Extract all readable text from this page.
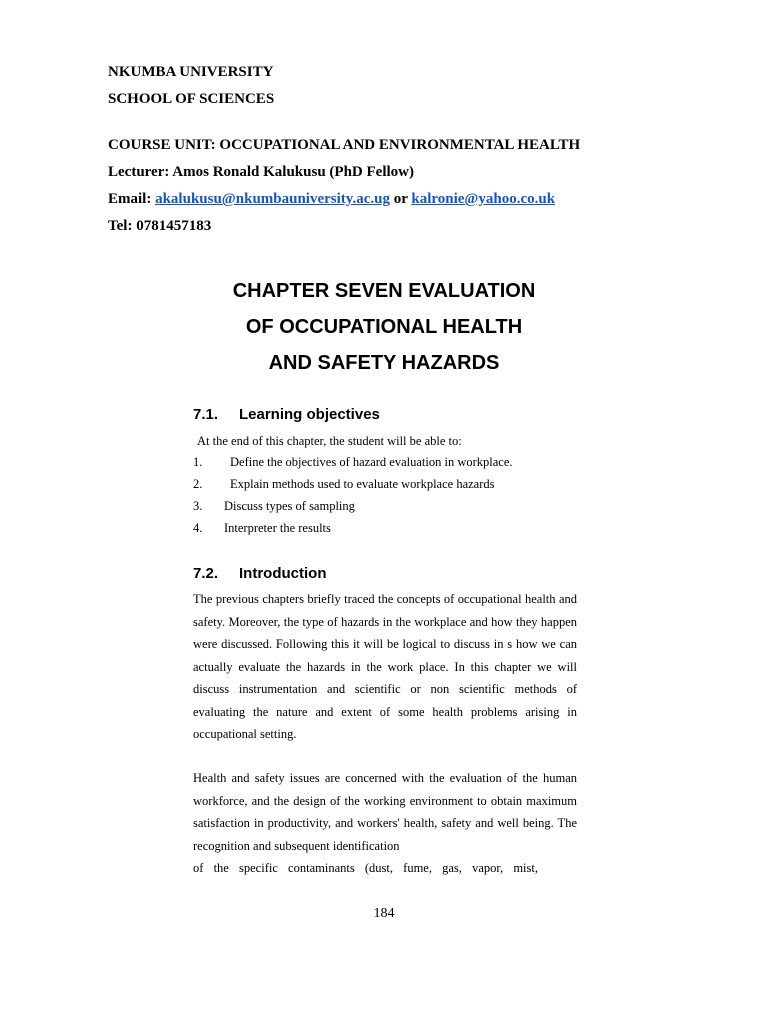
NKUMBA UNIVERSITY
SCHOOL OF SCIENCES
COURSE UNIT: OCCUPATIONAL AND ENVIRONMENTAL HEALTH
Lecturer: Amos Ronald Kalukusu (PhD Fellow)
Email: akalukusu@nkumbauniversity.ac.ug or kalronie@yahoo.co.uk
Tel: 0781457183
CHAPTER SEVEN EVALUATION
OF OCCUPATIONAL HEALTH
AND SAFETY HAZARDS
7.1. Learning objectives
At the end of this chapter, the student will be able to:
1. Define the objectives of hazard evaluation in workplace.
2. Explain methods used to evaluate workplace hazards
3. Discuss types of sampling
4. Interpreter the results
7.2. Introduction

The previous chapters briefly traced the concepts of occupational health and safety. Moreover, the type of hazards in the workplace and how they happen were discussed. Following this it will be logical to discuss in s how we can actually evaluate the hazards in the work place. In this chapter we will discuss instrumentation and scientific or non scientific methods of evaluating the nature and extent of some health problems arising in occupational setting.

Health and safety issues are concerned with the evaluation of the human workforce, and the design of the working environment to obtain maximum satisfaction in productivity, and workers' health, safety and well being. The recognition and subsequent identification

of the specific contaminants (dust, fume, gas, vapor, mist,
184
